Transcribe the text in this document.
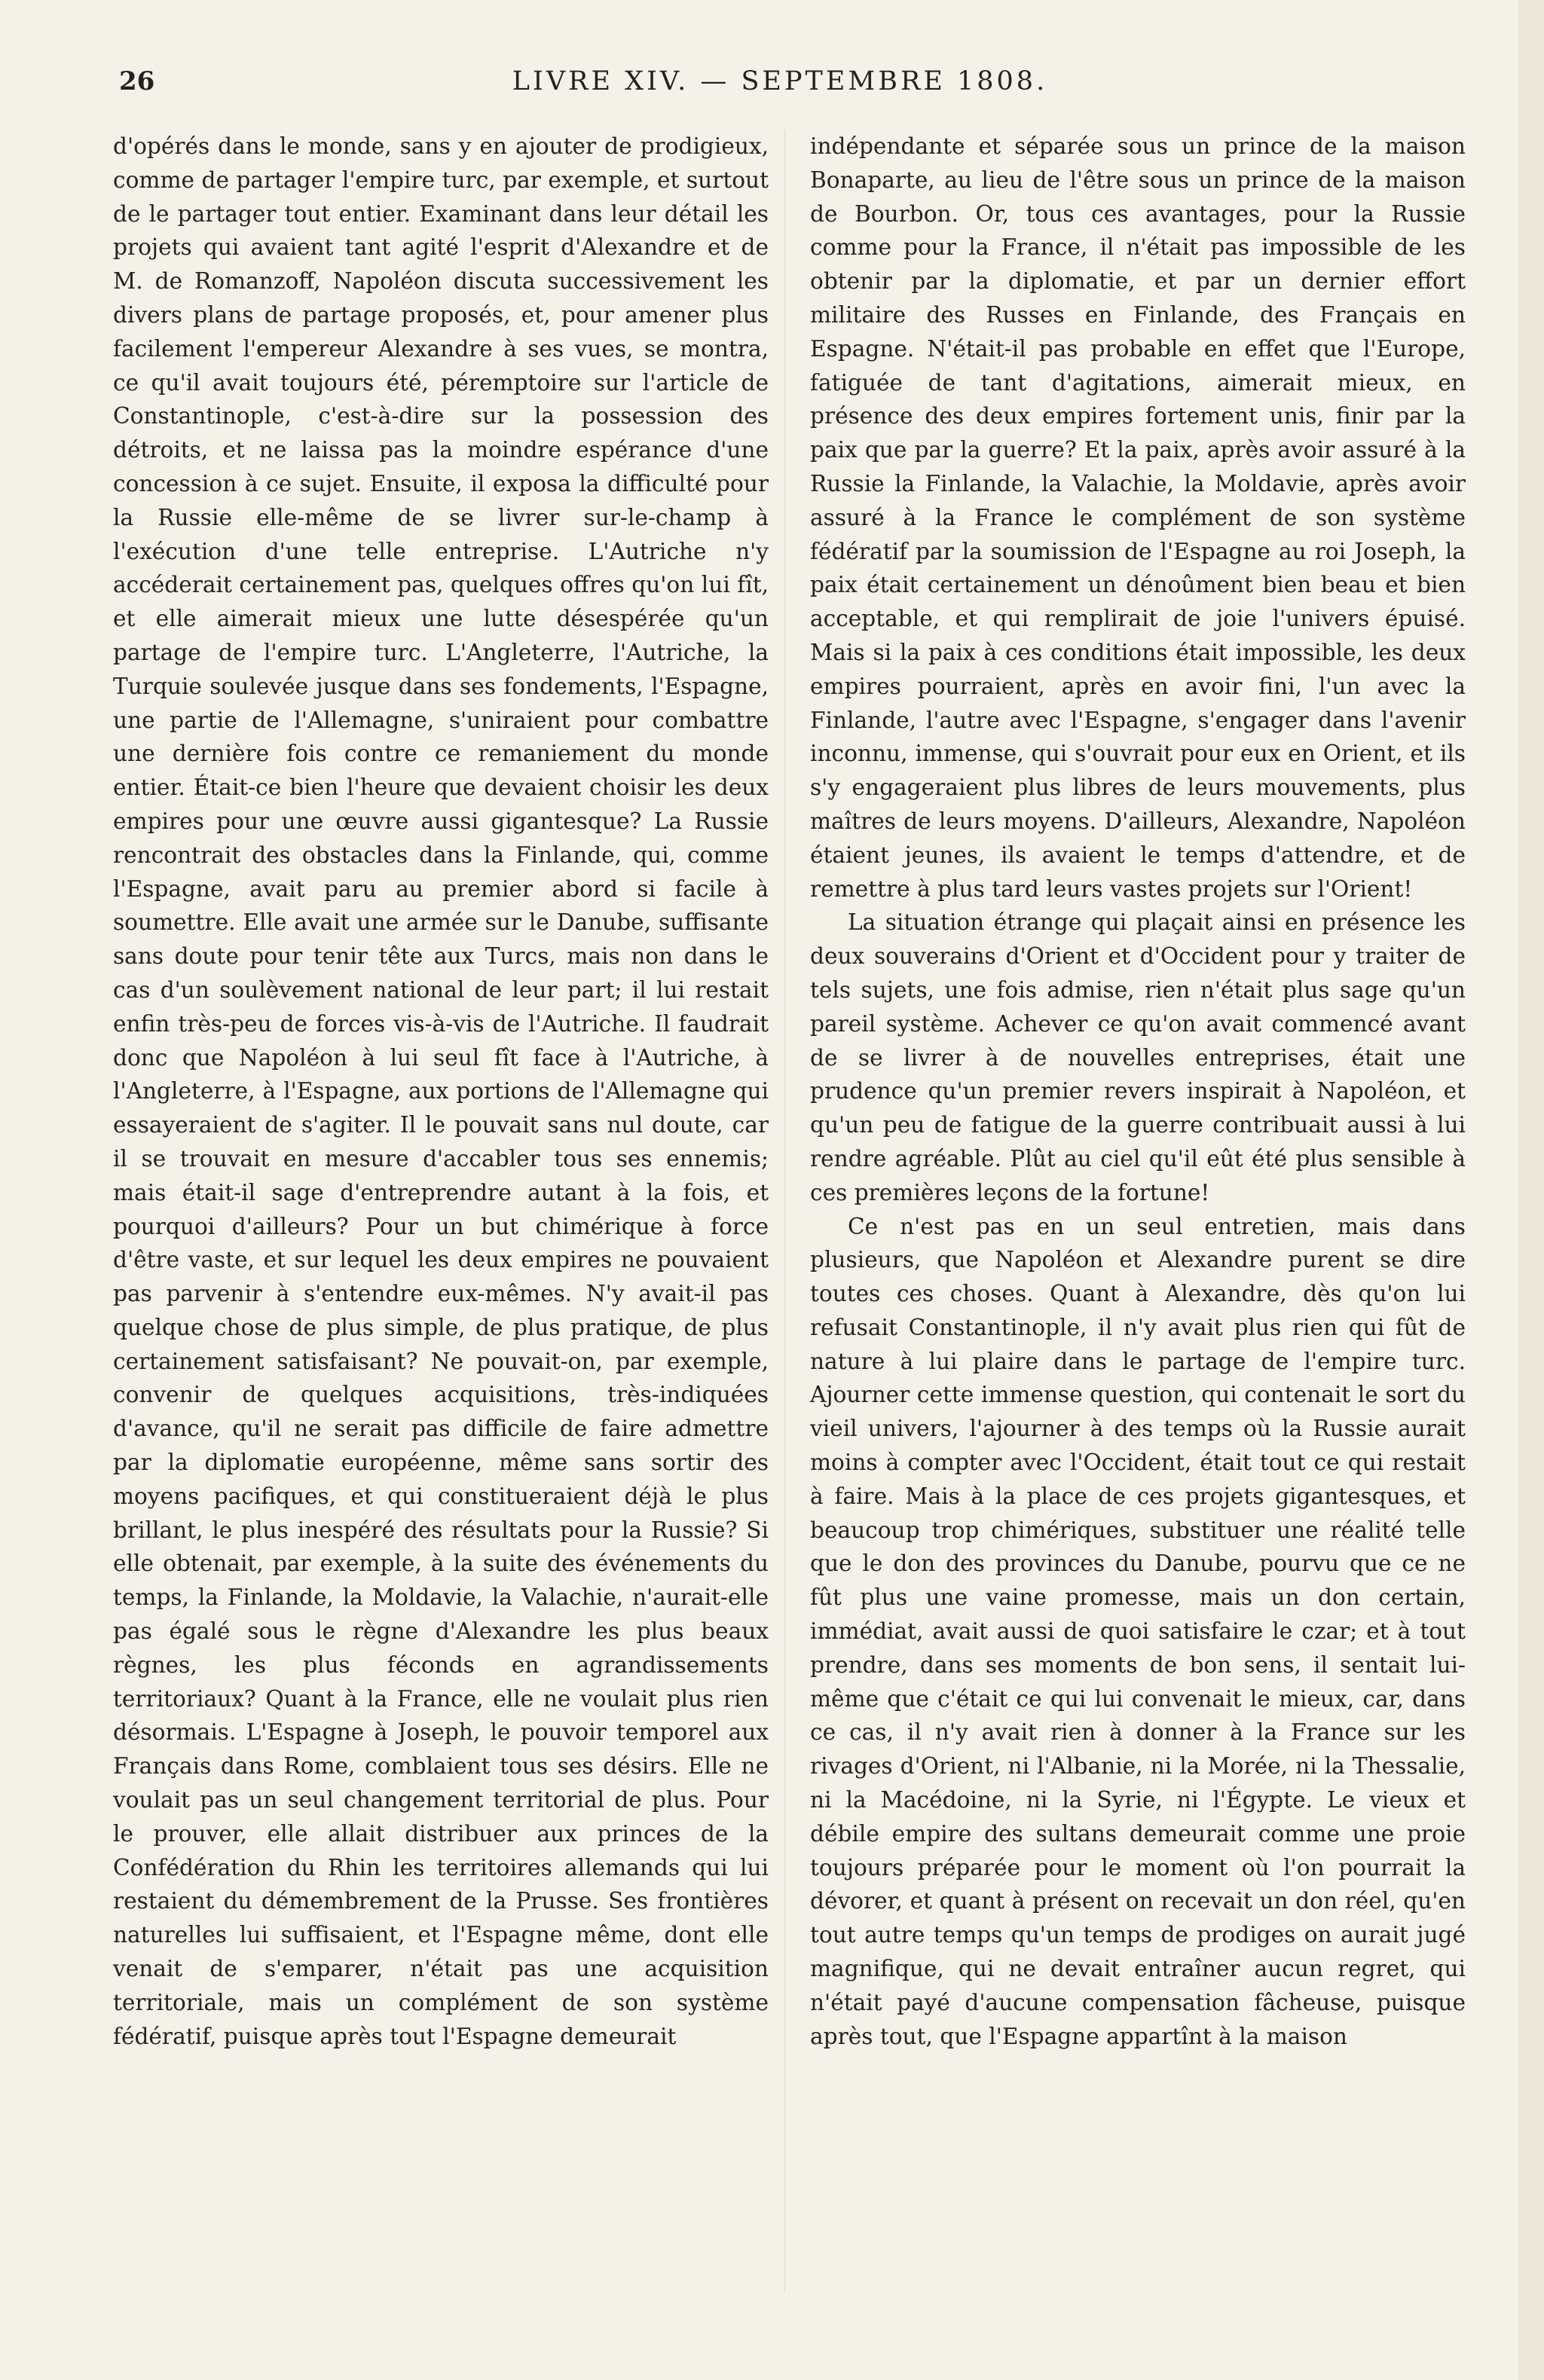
26	LIVRE XIV. — SEPTEMBRE 1808.

d'opérés dans le monde, sans y en ajouter de prodigieux, comme de partager l'empire turc, par exemple, et surtout de le partager tout entier. Examinant dans leur détail les projets qui avaient tant agité l'esprit d'Alexandre et de M. de Romanzoff, Napoléon discuta successivement les divers plans de partage proposés, et, pour amener plus facilement l'empereur Alexandre à ses vues, se montra, ce qu'il avait toujours été, péremptoire sur l'article de Constantinople, c'est-à-dire sur la possession des détroits, et ne laissa pas la moindre espérance d'une concession à ce sujet. Ensuite, il exposa la difficulté pour la Russie elle-même de se livrer sur-le-champ à l'exécution d'une telle entreprise. L'Autriche n'y accéderait certainement pas, quelques offres qu'on lui fît, et elle aimerait mieux une lutte désespérée qu'un partage de l'empire turc. L'Angleterre, l'Autriche, la Turquie soulevée jusque dans ses fondements, l'Espagne, une partie de l'Allemagne, s'uniraient pour combattre une dernière fois contre ce remaniement du monde entier. Était-ce bien l'heure que devaient choisir les deux empires pour une œuvre aussi gigantesque? La Russie rencontrait des obstacles dans la Finlande, qui, comme l'Espagne, avait paru au premier abord si facile à soumettre. Elle avait une armée sur le Danube, suffisante sans doute pour tenir tête aux Turcs, mais non dans le cas d'un soulèvement national de leur part; il lui restait enfin très-peu de forces vis-à-vis de l'Autriche. Il faudrait donc que Napoléon à lui seul fît face à l'Autriche, à l'Angleterre, à l'Espagne, aux portions de l'Allemagne qui essayeraient de s'agiter. Il le pouvait sans nul doute, car il se trouvait en mesure d'accabler tous ses ennemis; mais était-il sage d'entreprendre autant à la fois, et pourquoi d'ailleurs? Pour un but chimérique à force d'être vaste, et sur lequel les deux empires ne pouvaient pas parvenir à s'entendre eux-mêmes. N'y avait-il pas quelque chose de plus simple, de plus pratique, de plus certainement satisfaisant? Ne pouvait-on, par exemple, convenir de quelques acquisitions, très-indiquées d'avance, qu'il ne serait pas difficile de faire admettre par la diplomatie européenne, même sans sortir des moyens pacifiques, et qui constitueraient déjà le plus brillant, le plus inespéré des résultats pour la Russie? Si elle obtenait, par exemple, à la suite des événements du temps, la Finlande, la Moldavie, la Valachie, n'aurait-elle pas égalé sous le règne d'Alexandre les plus beaux règnes, les plus féconds en agrandissements territoriaux? Quant à la France, elle ne voulait plus rien désormais. L'Espagne à Joseph, le pouvoir temporel aux Français dans Rome, comblaient tous ses désirs. Elle ne voulait pas un seul changement territorial de plus. Pour le prouver, elle allait distribuer aux princes de la Confédération du Rhin les territoires allemands qui lui restaient du démembrement de la Prusse. Ses frontières naturelles lui suffisaient, et l'Espagne même, dont elle venait de s'emparer, n'était pas une acquisition territoriale, mais un complément de son système fédératif, puisque après tout l'Espagne demeurait

indépendante et séparée sous un prince de la maison Bonaparte, au lieu de l'être sous un prince de la maison de Bourbon. Or, tous ces avantages, pour la Russie comme pour la France, il n'était pas impossible de les obtenir par la diplomatie, et par un dernier effort militaire des Russes en Finlande, des Français en Espagne. N'était-il pas probable en effet que l'Europe, fatiguée de tant d'agitations, aimerait mieux, en présence des deux empires fortement unis, finir par la paix que par la guerre? Et la paix, après avoir assuré à la Russie la Finlande, la Valachie, la Moldavie, après avoir assuré à la France le complément de son système fédératif par la soumission de l'Espagne au roi Joseph, la paix était certainement un dénoûment bien beau et bien acceptable, et qui remplirait de joie l'univers épuisé. Mais si la paix à ces conditions était impossible, les deux empires pourraient, après en avoir fini, l'un avec la Finlande, l'autre avec l'Espagne, s'engager dans l'avenir inconnu, immense, qui s'ouvrait pour eux en Orient, et ils s'y engageraient plus libres de leurs mouvements, plus maîtres de leurs moyens. D'ailleurs, Alexandre, Napoléon étaient jeunes, ils avaient le temps d'attendre, et de remettre à plus tard leurs vastes projets sur l'Orient!

La situation étrange qui plaçait ainsi en présence les deux souverains d'Orient et d'Occident pour y traiter de tels sujets, une fois admise, rien n'était plus sage qu'un pareil système. Achever ce qu'on avait commencé avant de se livrer à de nouvelles entreprises, était une prudence qu'un premier revers inspirait à Napoléon, et qu'un peu de fatigue de la guerre contribuait aussi à lui rendre agréable. Plût au ciel qu'il eût été plus sensible à ces premières leçons de la fortune!

Ce n'est pas en un seul entretien, mais dans plusieurs, que Napoléon et Alexandre purent se dire toutes ces choses. Quant à Alexandre, dès qu'on lui refusait Constantinople, il n'y avait plus rien qui fût de nature à lui plaire dans le partage de l'empire turc. Ajourner cette immense question, qui contenait le sort du vieil univers, l'ajourner à des temps où la Russie aurait moins à compter avec l'Occident, était tout ce qui restait à faire. Mais à la place de ces projets gigantesques, et beaucoup trop chimériques, substituer une réalité telle que le don des provinces du Danube, pourvu que ce ne fût plus une vaine promesse, mais un don certain, immédiat, avait aussi de quoi satisfaire le czar; et à tout prendre, dans ses moments de bon sens, il sentait lui-même que c'était ce qui lui convenait le mieux, car, dans ce cas, il n'y avait rien à donner à la France sur les rivages d'Orient, ni l'Albanie, ni la Morée, ni la Thessalie, ni la Macédoine, ni la Syrie, ni l'Égypte. Le vieux et débile empire des sultans demeurait comme une proie toujours préparée pour le moment où l'on pourrait la dévorer, et quant à présent on recevait un don réel, qu'en tout autre temps qu'un temps de prodiges on aurait jugé magnifique, qui ne devait entraîner aucun regret, qui n'était payé d'aucune compensation fâcheuse, puisque après tout, que l'Espagne appartînt à la maison
